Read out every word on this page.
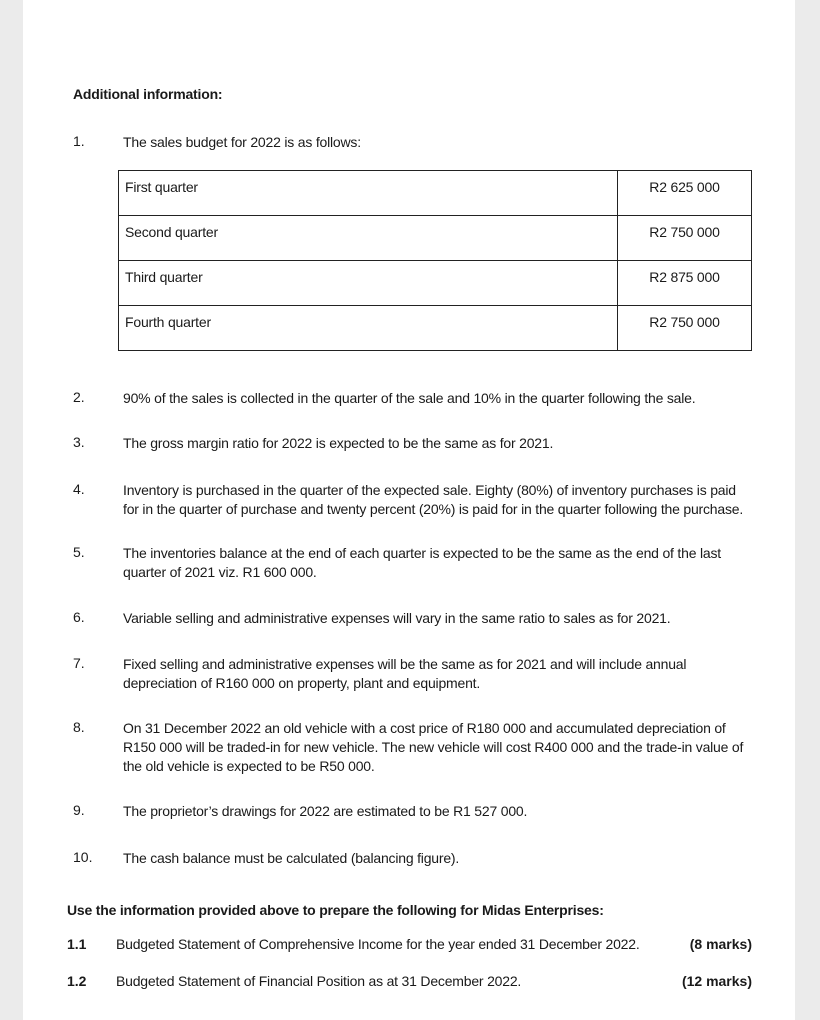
Additional information:
1.	The sales budget for 2022 is as follows:
First quarter	R2 625 000
Second quarter	R2 750 000
Third quarter	R2 875 000
Fourth quarter	R2 750 000
2.	90% of the sales is collected in the quarter of the sale and 10% in the quarter following the sale.
3.	The gross margin ratio for 2022 is expected to be the same as for 2021.
4.	Inventory is purchased in the quarter of the expected sale. Eighty (80%) of inventory purchases is paid for in the quarter of purchase and twenty percent (20%) is paid for in the quarter following the purchase.
5.	The inventories balance at the end of each quarter is expected to be the same as the end of the last quarter of 2021 viz. R1 600 000.
6.	Variable selling and administrative expenses will vary in the same ratio to sales as for 2021.
7.	Fixed selling and administrative expenses will be the same as for 2021 and will include annual depreciation of R160 000 on property, plant and equipment.
8.	On 31 December 2022 an old vehicle with a cost price of R180 000 and accumulated depreciation of R150 000 will be traded-in for new vehicle. The new vehicle will cost R400 000 and the trade-in value of the old vehicle is expected to be R50 000.
9.	The proprietor’s drawings for 2022 are estimated to be R1 527 000.
10. The cash balance must be calculated (balancing figure).
Use the information provided above to prepare the following for Midas Enterprises:
1.1 Budgeted Statement of Comprehensive Income for the year ended 31 December 2022.	(8 marks)
1.2 Budgeted Statement of Financial Position as at 31 December 2022.	(12 marks)
